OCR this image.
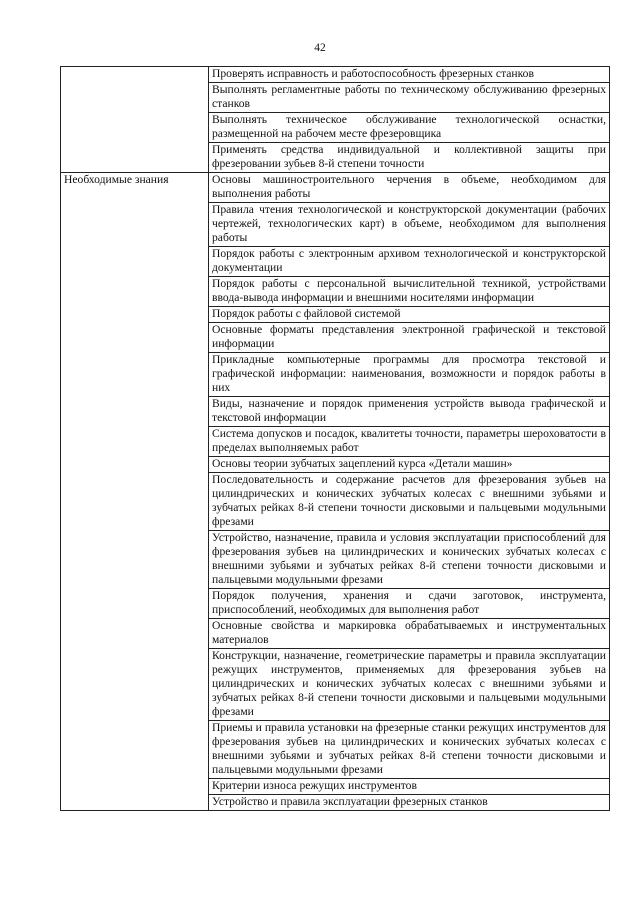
42
	Проверять исправность и работоспособность фрезерных станков
	Выполнять регламентные работы по техническому обслуживанию фрезерных станков
	Выполнять техническое обслуживание технологической оснастки, размещенной на рабочем месте фрезеровщика
	Применять средства индивидуальной и коллективной защиты при фрезеровании зубьев 8-й степени точности
Необходимые знания	Основы машиностроительного черчения в объеме, необходимом для выполнения работы
	Правила чтения технологической и конструкторской документации (рабочих чертежей, технологических карт) в объеме, необходимом для выполнения работы
	Порядок работы с электронным архивом технологической и конструкторской документации
	Порядок работы с персональной вычислительной техникой, устройствами ввода-вывода информации и внешними носителями информации
	Порядок работы с файловой системой
	Основные форматы представления электронной графической и текстовой информации
	Прикладные компьютерные программы для просмотра текстовой и графической информации: наименования, возможности и порядок работы в них
	Виды, назначение и порядок применения устройств вывода графической и текстовой информации
	Система допусков и посадок, квалитеты точности, параметры шероховатости в пределах выполняемых работ
	Основы теории зубчатых зацеплений курса «Детали машин»
	Последовательность и содержание расчетов для фрезерования зубьев на цилиндрических и конических зубчатых колесах с внешними зубьями и зубчатых рейках 8-й степени точности дисковыми и пальцевыми модульными фрезами
	Устройство, назначение, правила и условия эксплуатации приспособлений для фрезерования зубьев на цилиндрических и конических зубчатых колесах с внешними зубьями и зубчатых рейках 8-й степени точности дисковыми и пальцевыми модульными фрезами
	Порядок получения, хранения и сдачи заготовок, инструмента, приспособлений, необходимых для выполнения работ
	Основные свойства и маркировка обрабатываемых и инструментальных материалов
	Конструкции, назначение, геометрические параметры и правила эксплуатации режущих инструментов, применяемых для фрезерования зубьев на цилиндрических и конических зубчатых колесах с внешними зубьями и зубчатых рейках 8-й степени точности дисковыми и пальцевыми модульными фрезами
	Приемы и правила установки на фрезерные станки режущих инструментов для фрезерования зубьев на цилиндрических и конических зубчатых колесах с внешними зубьями и зубчатых рейках 8-й степени точности дисковыми и пальцевыми модульными фрезами
	Критерии износа режущих инструментов
	Устройство и правила эксплуатации фрезерных станков
